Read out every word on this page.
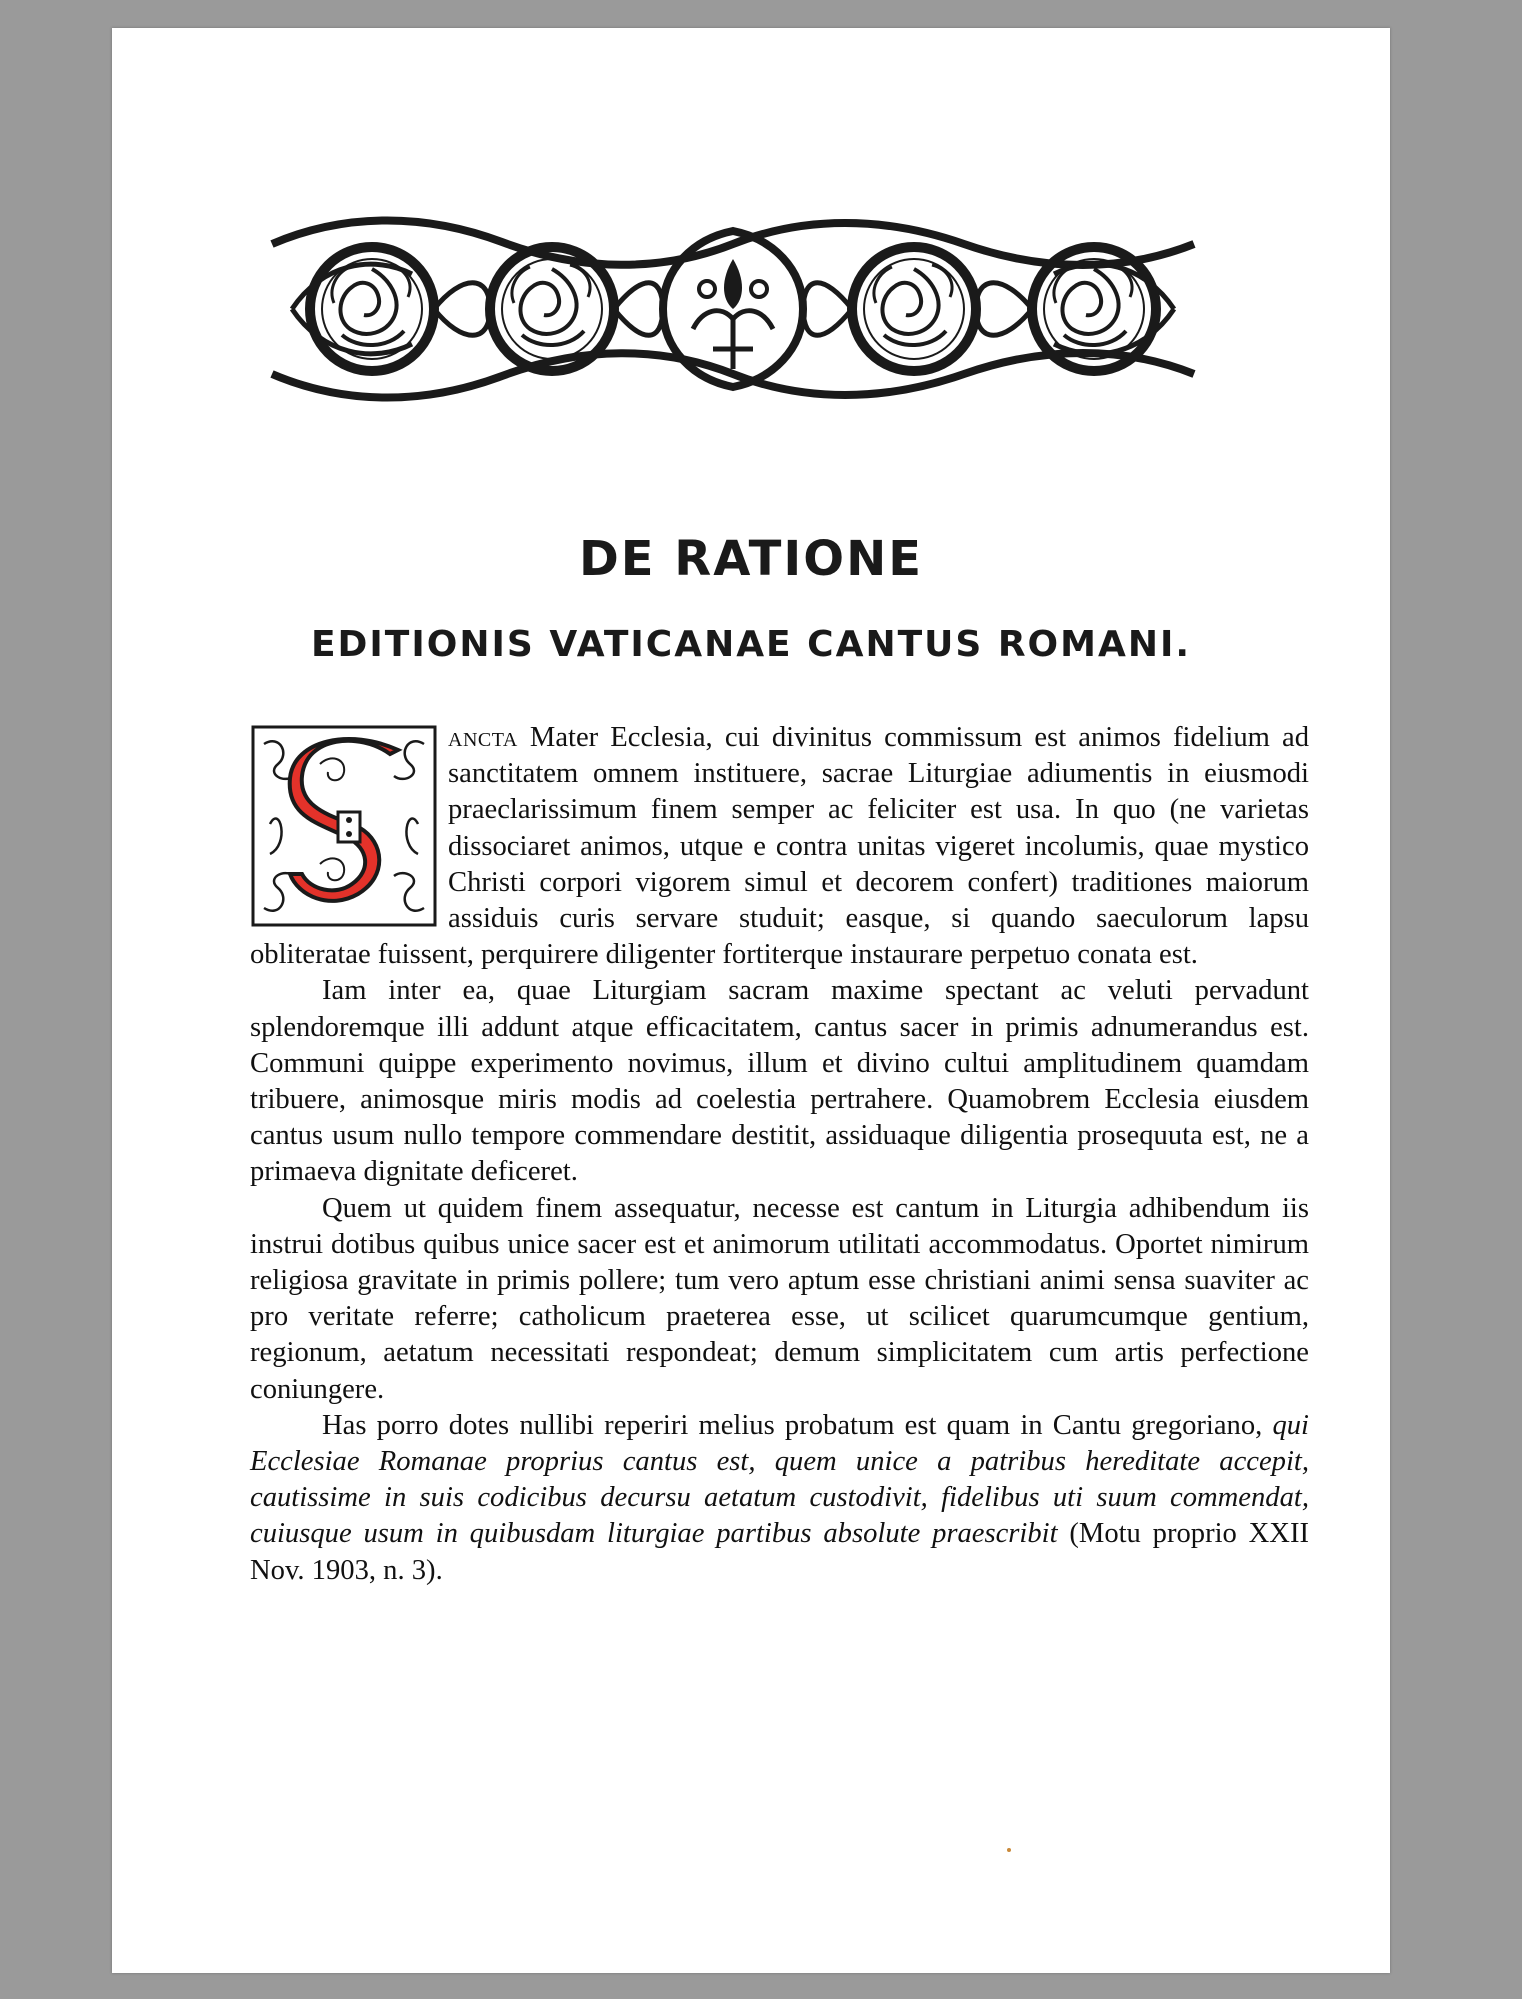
DE RATIONE
EDITIONIS VATICANAE CANTUS ROMANI.

ancta Mater Ecclesia, cui divinitus commissum est animos fidelium ad sanctitatem omnem instituere, sacrae Liturgiae adiumentis in eiusmodi praeclarissimum finem semper ac feliciter est usa. In quo (ne varietas dissociaret animos, utque e contra unitas vigeret incolumis, quae mystico Christi corpori vigorem simul et decorem confert) traditiones maiorum assiduis curis servare studuit; easque, si quando saeculorum lapsu obliteratae fuissent, perquirere diligenter fortiterque instaurare perpetuo conata est.

Iam inter ea, quae Liturgiam sacram maxime spectant ac veluti pervadunt splendoremque illi addunt atque efficacitatem, cantus sacer in primis adnumerandus est. Communi quippe experimento novimus, illum et divino cultui amplitudinem quamdam tribuere, animosque miris modis ad coelestia pertrahere. Quamobrem Ecclesia eiusdem cantus usum nullo tempore commendare destitit, assiduaque diligentia prosequuta est, ne a primaeva dignitate deficeret.

Quem ut quidem finem assequatur, necesse est cantum in Liturgia adhibendum iis instrui dotibus quibus unice sacer est et animorum utilitati accommodatus. Oportet nimirum religiosa gravitate in primis pollere; tum vero aptum esse christiani animi sensa suaviter ac pro veritate referre; catholicum praeterea esse, ut scilicet quarumcumque gentium, regionum, aetatum necessitati respondeat; demum simplicitatem cum artis perfectione coniungere.

Has porro dotes nullibi reperiri melius probatum est quam in Cantu gregoriano, qui Ecclesiae Romanae proprius cantus est, quem unice a patribus hereditate accepit, cautissime in suis codicibus decursu aetatum custodivit, fidelibus uti suum commendat, cuiusque usum in quibusdam liturgiae partibus absolute praescribit (Motu proprio XXII Nov. 1903, n. 3).
